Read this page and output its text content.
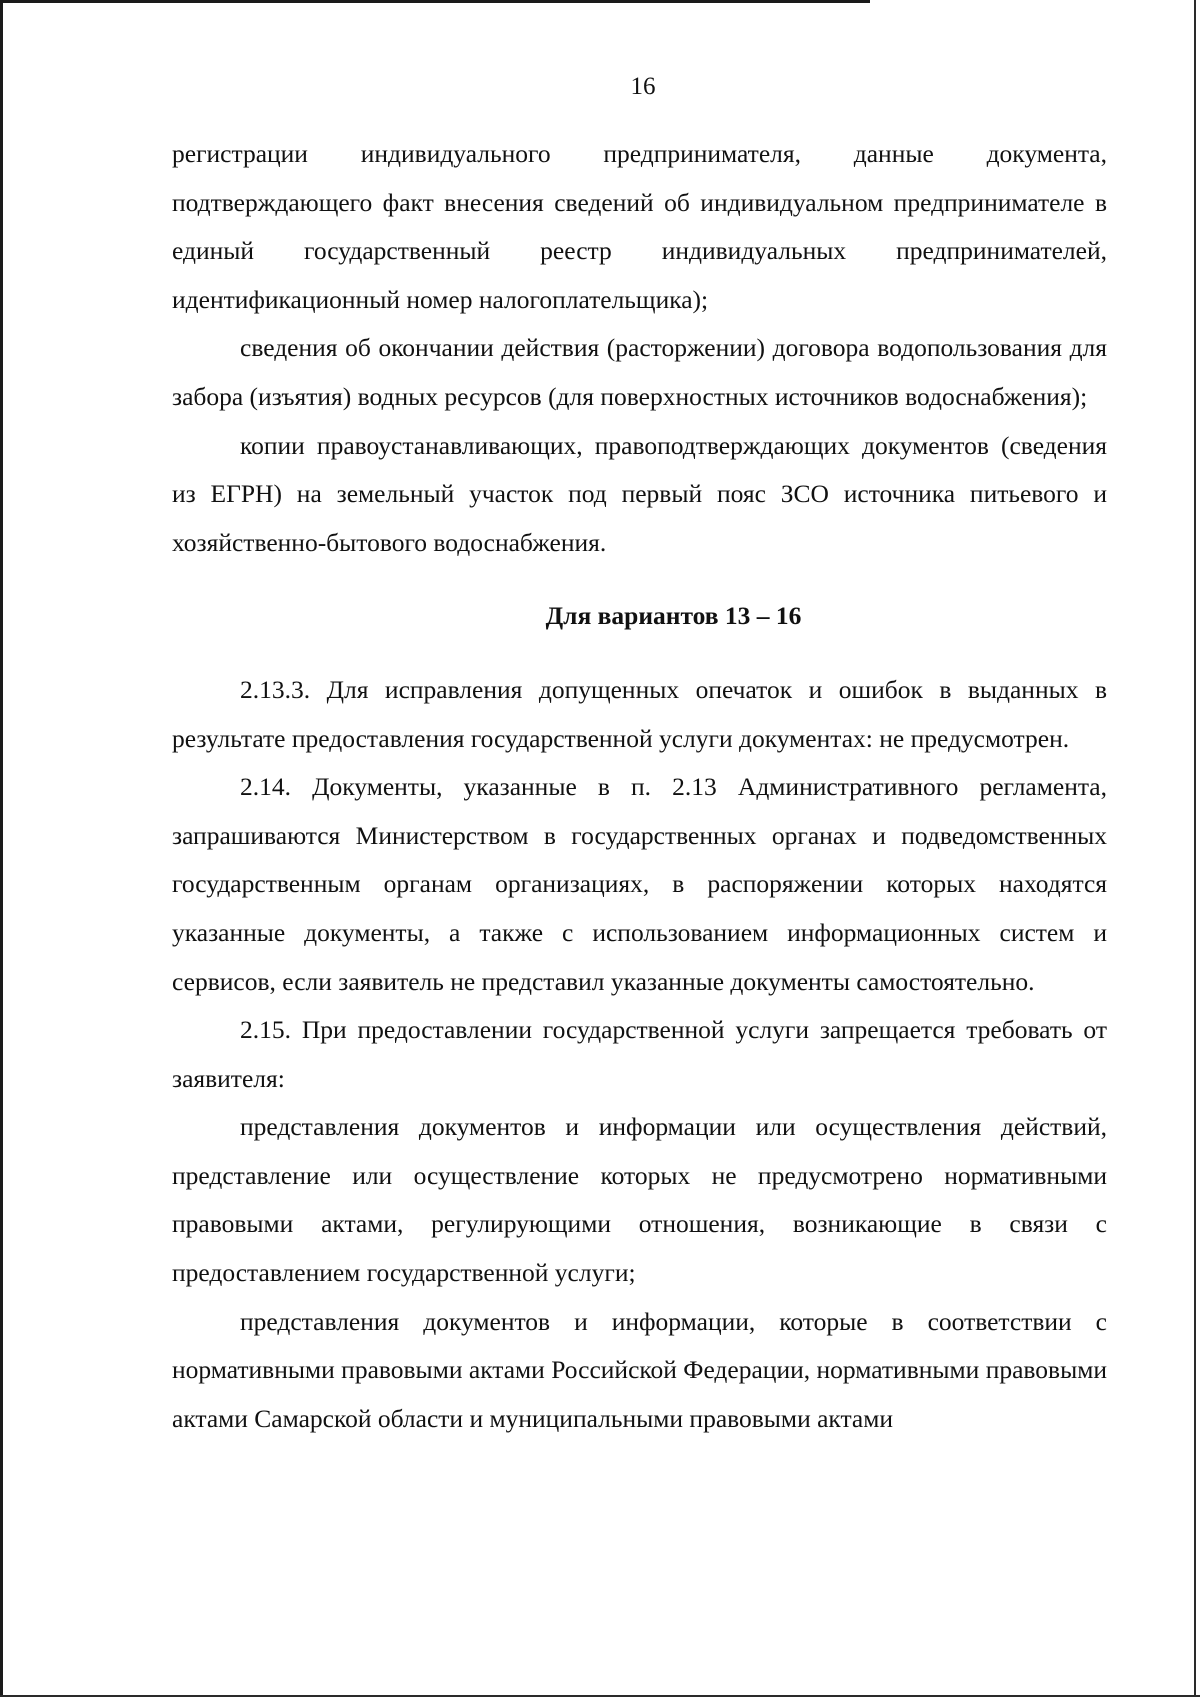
16

регистрации индивидуального предпринимателя, данные документа, подтверждающего факт внесения сведений об индивидуальном предпринимателе в единый государственный реестр индивидуальных предпринимателей, идентификационный номер налогоплательщика);

сведения об окончании действия (расторжении) договора водопользования для забора (изъятия) водных ресурсов (для поверхностных источников водоснабжения);

копии правоустанавливающих, правоподтверждающих документов (сведения из ЕГРН) на земельный участок под первый пояс ЗСО источника питьевого и хозяйственно-бытового водоснабжения.

Для вариантов 13 – 16

2.13.3. Для исправления допущенных опечаток и ошибок в выданных в результате предоставления государственной услуги документах: не предусмотрен.

2.14. Документы, указанные в п. 2.13 Административного регламента, запрашиваются Министерством в государственных органах и подведомственных государственным органам организациях, в распоряжении которых находятся указанные документы, а также с использованием информационных систем и сервисов, если заявитель не представил указанные документы самостоятельно.

2.15. При предоставлении государственной услуги запрещается требовать от заявителя:

представления документов и информации или осуществления действий, представление или осуществление которых не предусмотрено нормативными правовыми актами, регулирующими отношения, возникающие в связи с предоставлением государственной услуги;

представления документов и информации, которые в соответствии с нормативными правовыми актами Российской Федерации, нормативными правовыми актами Самарской области и муниципальными правовыми актами
